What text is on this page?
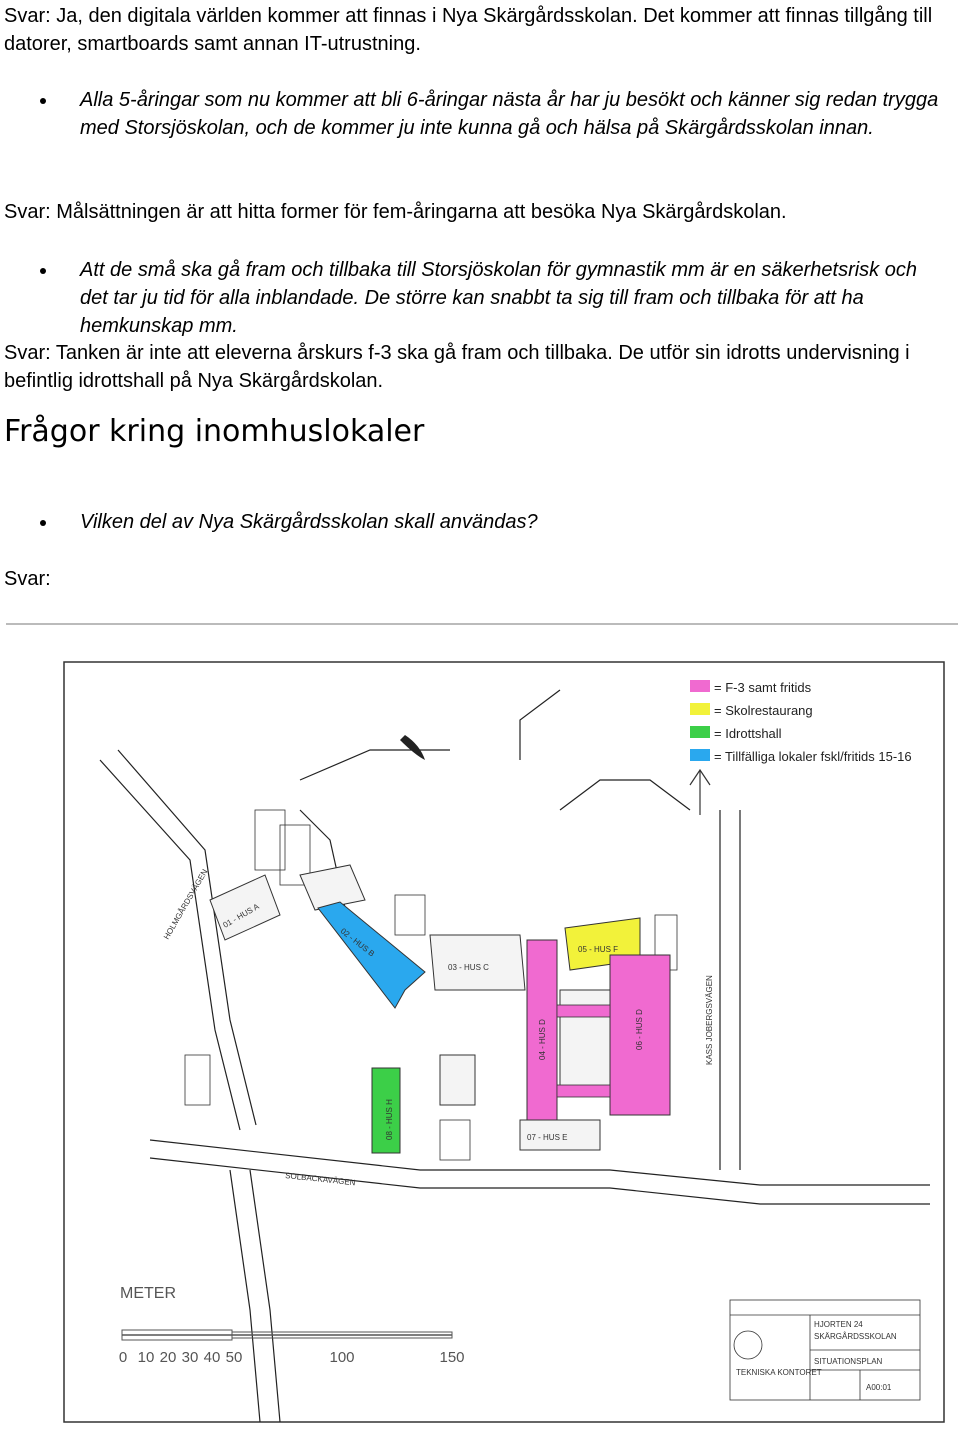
Svar: Ja, den digitala världen kommer att finnas i Nya Skärgårdsskolan. Det kommer att finnas tillgång till datorer, smartboards samt annan IT-utrustning.

Alla 5-åringar som nu kommer att bli 6-åringar nästa år har ju besökt och känner sig redan trygga med Storsjöskolan, och de kommer ju inte kunna gå och hälsa på Skärgårdsskolan innan.

Svar: Målsättningen är att hitta former för fem-åringarna att besöka Nya Skärgårdskolan.

Att de små ska gå fram och tillbaka till Storsjöskolan för gymnastik mm är en säkerhetsrisk och det tar ju tid för alla inblandade. De större kan snabbt ta sig till fram och tillbaka för att ha hemkunskap mm.

Svar: Tanken är inte att eleverna årskurs f-3 ska gå fram och tillbaka. De utför sin idrotts undervisning i befintlig idrottshall på Nya Skärgårdskolan.

Frågor kring inomhuslokaler

Vilken del av Nya Skärgårdsskolan skall användas?

Svar:

01 - HUS A
02 - HUS B
03 - HUS C
04 - HUS D
05 - HUS F
06 - HUS D
07 - HUS E
08 - HUS H
HOLMGÅRDSVÄGEN
SOLBACKAVÄGEN
KASS JOBERGSVÄGEN
= F-3 samt fritids
= Skolrestaurang
= Idrottshall
= Tillfälliga lokaler fskl/fritids 15-16
METER
0 10 20 30 40 50	100	150
HJORTEN 24
SKÄRGÅRDSSKOLAN
SITUATIONSPLAN
A00:01
TEKNISKA KONTORET
